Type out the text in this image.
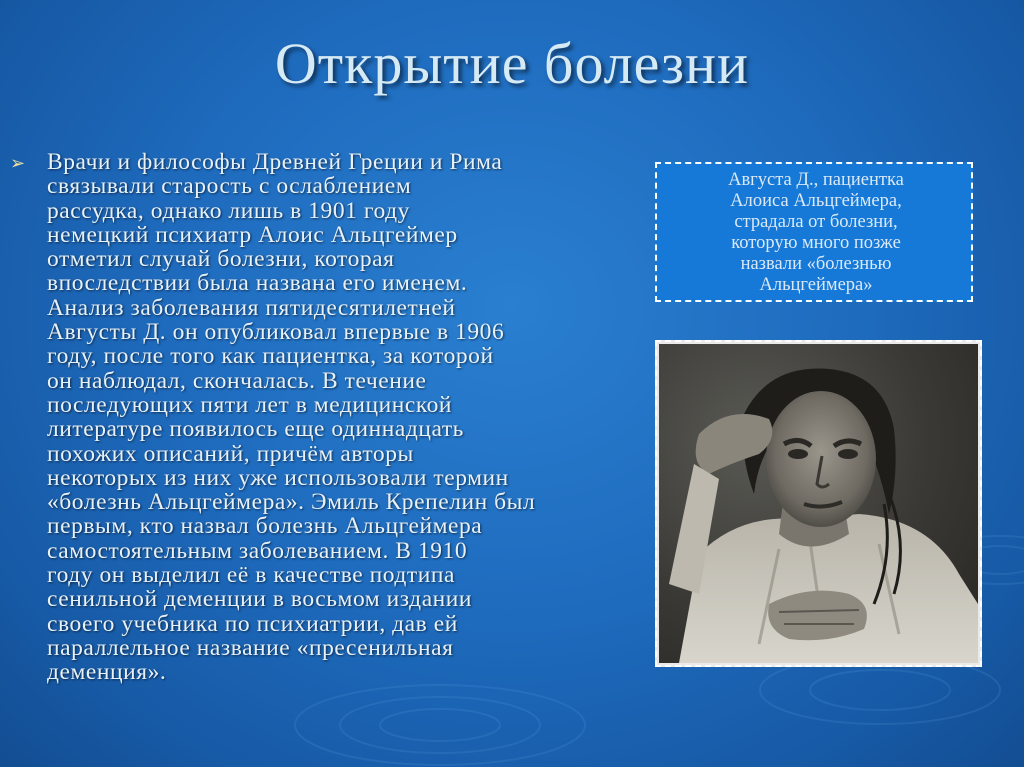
Открытие болезни
➢ Врачи и философы Древней Греции и Рима
связывали старость с ослаблением
рассудка, однако лишь в 1901 году
немецкий психиатр Алоис Альцгеймер
отметил случай болезни, которая
впоследствии была названа его именем.
Анализ заболевания пятидесятилетней
Августы Д. он опубликовал впервые в 1906
году, после того как пациентка, за которой
он наблюдал, скончалась. В течение
последующих пяти лет в медицинской
литературе появилось еще одиннадцать
похожих описаний, причём авторы
некоторых из них уже использовали термин
«болезнь Альцгеймера». Эмиль Крепелин был
первым, кто назвал болезнь Альцгеймера
самостоятельным заболеванием. В 1910
году он выделил её в качестве подтипа
сенильной деменции в восьмом издании
своего учебника по психиатрии, дав ей
параллельное название «пресенильная
деменция».
Августа Д., пациентка
Алоиса Альцгеймера,
страдала от болезни,
которую много позже
назвали «болезнью
Альцгеймера»
